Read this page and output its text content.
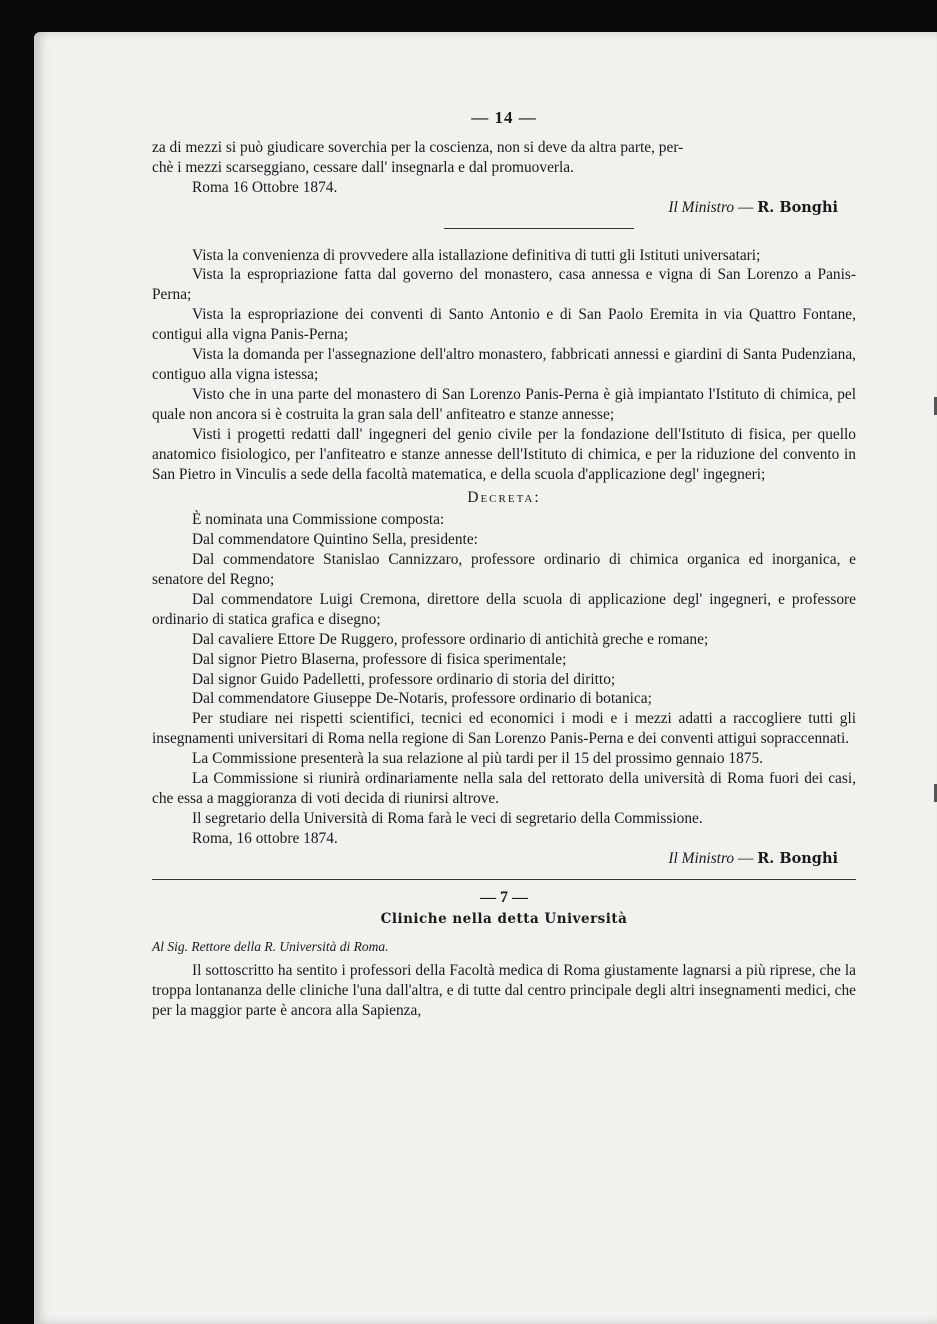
— 14 —
za di mezzi si può giudicare soverchia per la coscienza, non si deve da altra parte, per-
chè i mezzi scarseggiano, cessare dall' insegnarla e dal promuoverla.
Roma 16 Ottobre 1874.
Il Ministro — R. Bonghi
Vista la convenienza di provvedere alla istallazione definitiva di tutti gli Istituti universatari;
Vista la espropriazione fatta dal governo del monastero, casa annessa e vigna di San Lorenzo a Panis-Perna;
Vista la espropriazione dei conventi di Santo Antonio e di San Paolo Eremita in via Quattro Fontane, contigui alla vigna Panis-Perna;
Vista la domanda per l'assegnazione dell'altro monastero, fabbricati annessi e giardini di Santa Pudenziana, contiguo alla vigna istessa;
Visto che in una parte del monastero di San Lorenzo Panis-Perna è già impiantato l'Istituto di chimica, pel quale non ancora si è costruita la gran sala dell' anfiteatro e stanze annesse;
Visti i progetti redatti dall' ingegneri del genio civile per la fondazione dell'Istituto di fisica, per quello anatomico fisiologico, per l'anfiteatro e stanze annesse dell'Istituto di chimica, e per la riduzione del convento in San Pietro in Vinculis a sede della facoltà matematica, e della scuola d'applicazione degl' ingegneri;
Decreta:
È nominata una Commissione composta:
Dal commendatore Quintino Sella, presidente:
Dal commendatore Stanislao Cannizzaro, professore ordinario di chimica organica ed inorganica, e senatore del Regno;
Dal commendatore Luigi Cremona, direttore della scuola di applicazione degl' ingegneri, e professore ordinario di statica grafica e disegno;
Dal cavaliere Ettore De Ruggero, professore ordinario di antichità greche e romane;
Dal signor Pietro Blaserna, professore di fisica sperimentale;
Dal signor Guido Padelletti, professore ordinario di storia del diritto;
Dal commendatore Giuseppe De-Notaris, professore ordinario di botanica;
Per studiare nei rispetti scientifici, tecnici ed economici i modi e i mezzi adatti a raccogliere tutti gli insegnamenti universitari di Roma nella regione di San Lorenzo Panis-Perna e dei conventi attigui sopraccennati.
La Commissione presenterà la sua relazione al più tardi per il 15 del prossimo gennaio 1875.
La Commissione si riunirà ordinariamente nella sala del rettorato della università di Roma fuori dei casi, che essa a maggioranza di voti decida di riunirsi altrove.
Il segretario della Università di Roma farà le veci di segretario della Commissione.
Roma, 16 ottobre 1874.
Il Ministro — R. Bonghi
— 7 —
Cliniche nella detta Università
Al Sig. Rettore della R. Università di Roma.
Il sottoscritto ha sentito i professori della Facoltà medica di Roma giustamente lagnarsi a più riprese, che la troppa lontananza delle cliniche l'una dall'altra, e di tutte dal centro principale degli altri insegnamenti medici, che per la maggior parte è ancora alla Sapienza,
